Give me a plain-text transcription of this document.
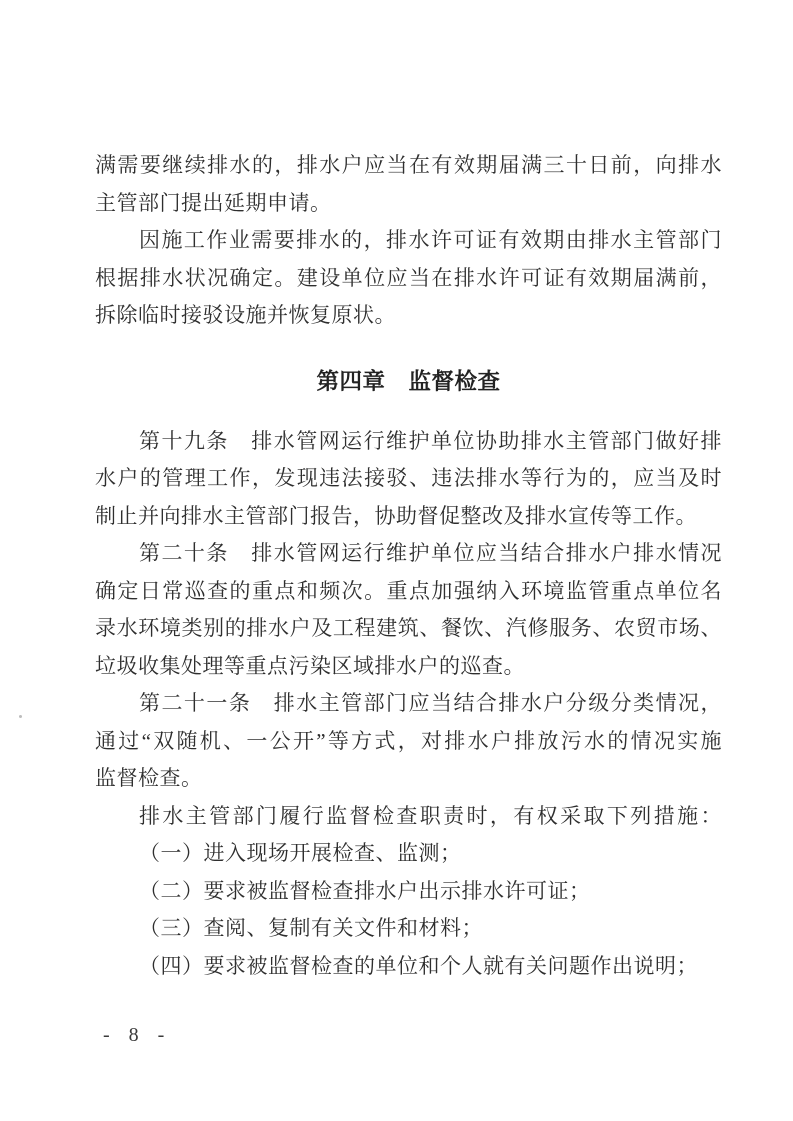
满需要继续排水的，排水户应当在有效期届满三十日前，向排水
主管部门提出延期申请。
因施工作业需要排水的，排水许可证有效期由排水主管部门
根据排水状况确定。建设单位应当在排水许可证有效期届满前，
拆除临时接驳设施并恢复原状。
第四章　监督检查
第十九条　排水管网运行维护单位协助排水主管部门做好排
水户的管理工作，发现违法接驳、违法排水等行为的，应当及时
制止并向排水主管部门报告，协助督促整改及排水宣传等工作。
第二十条　排水管网运行维护单位应当结合排水户排水情况
确定日常巡查的重点和频次。重点加强纳入环境监管重点单位名
录水环境类别的排水户及工程建筑、餐饮、汽修服务、农贸市场、
垃圾收集处理等重点污染区域排水户的巡查。
第二十一条　排水主管部门应当结合排水户分级分类情况，
通过“双随机、一公开”等方式，对排水户排放污水的情况实施
监督检查。
排水主管部门履行监督检查职责时，有权采取下列措施：
（一）进入现场开展检查、监测；
（二）要求被监督检查排水户出示排水许可证；
（三）查阅、复制有关文件和材料；
（四）要求被监督检查的单位和个人就有关问题作出说明；
- 8 -
